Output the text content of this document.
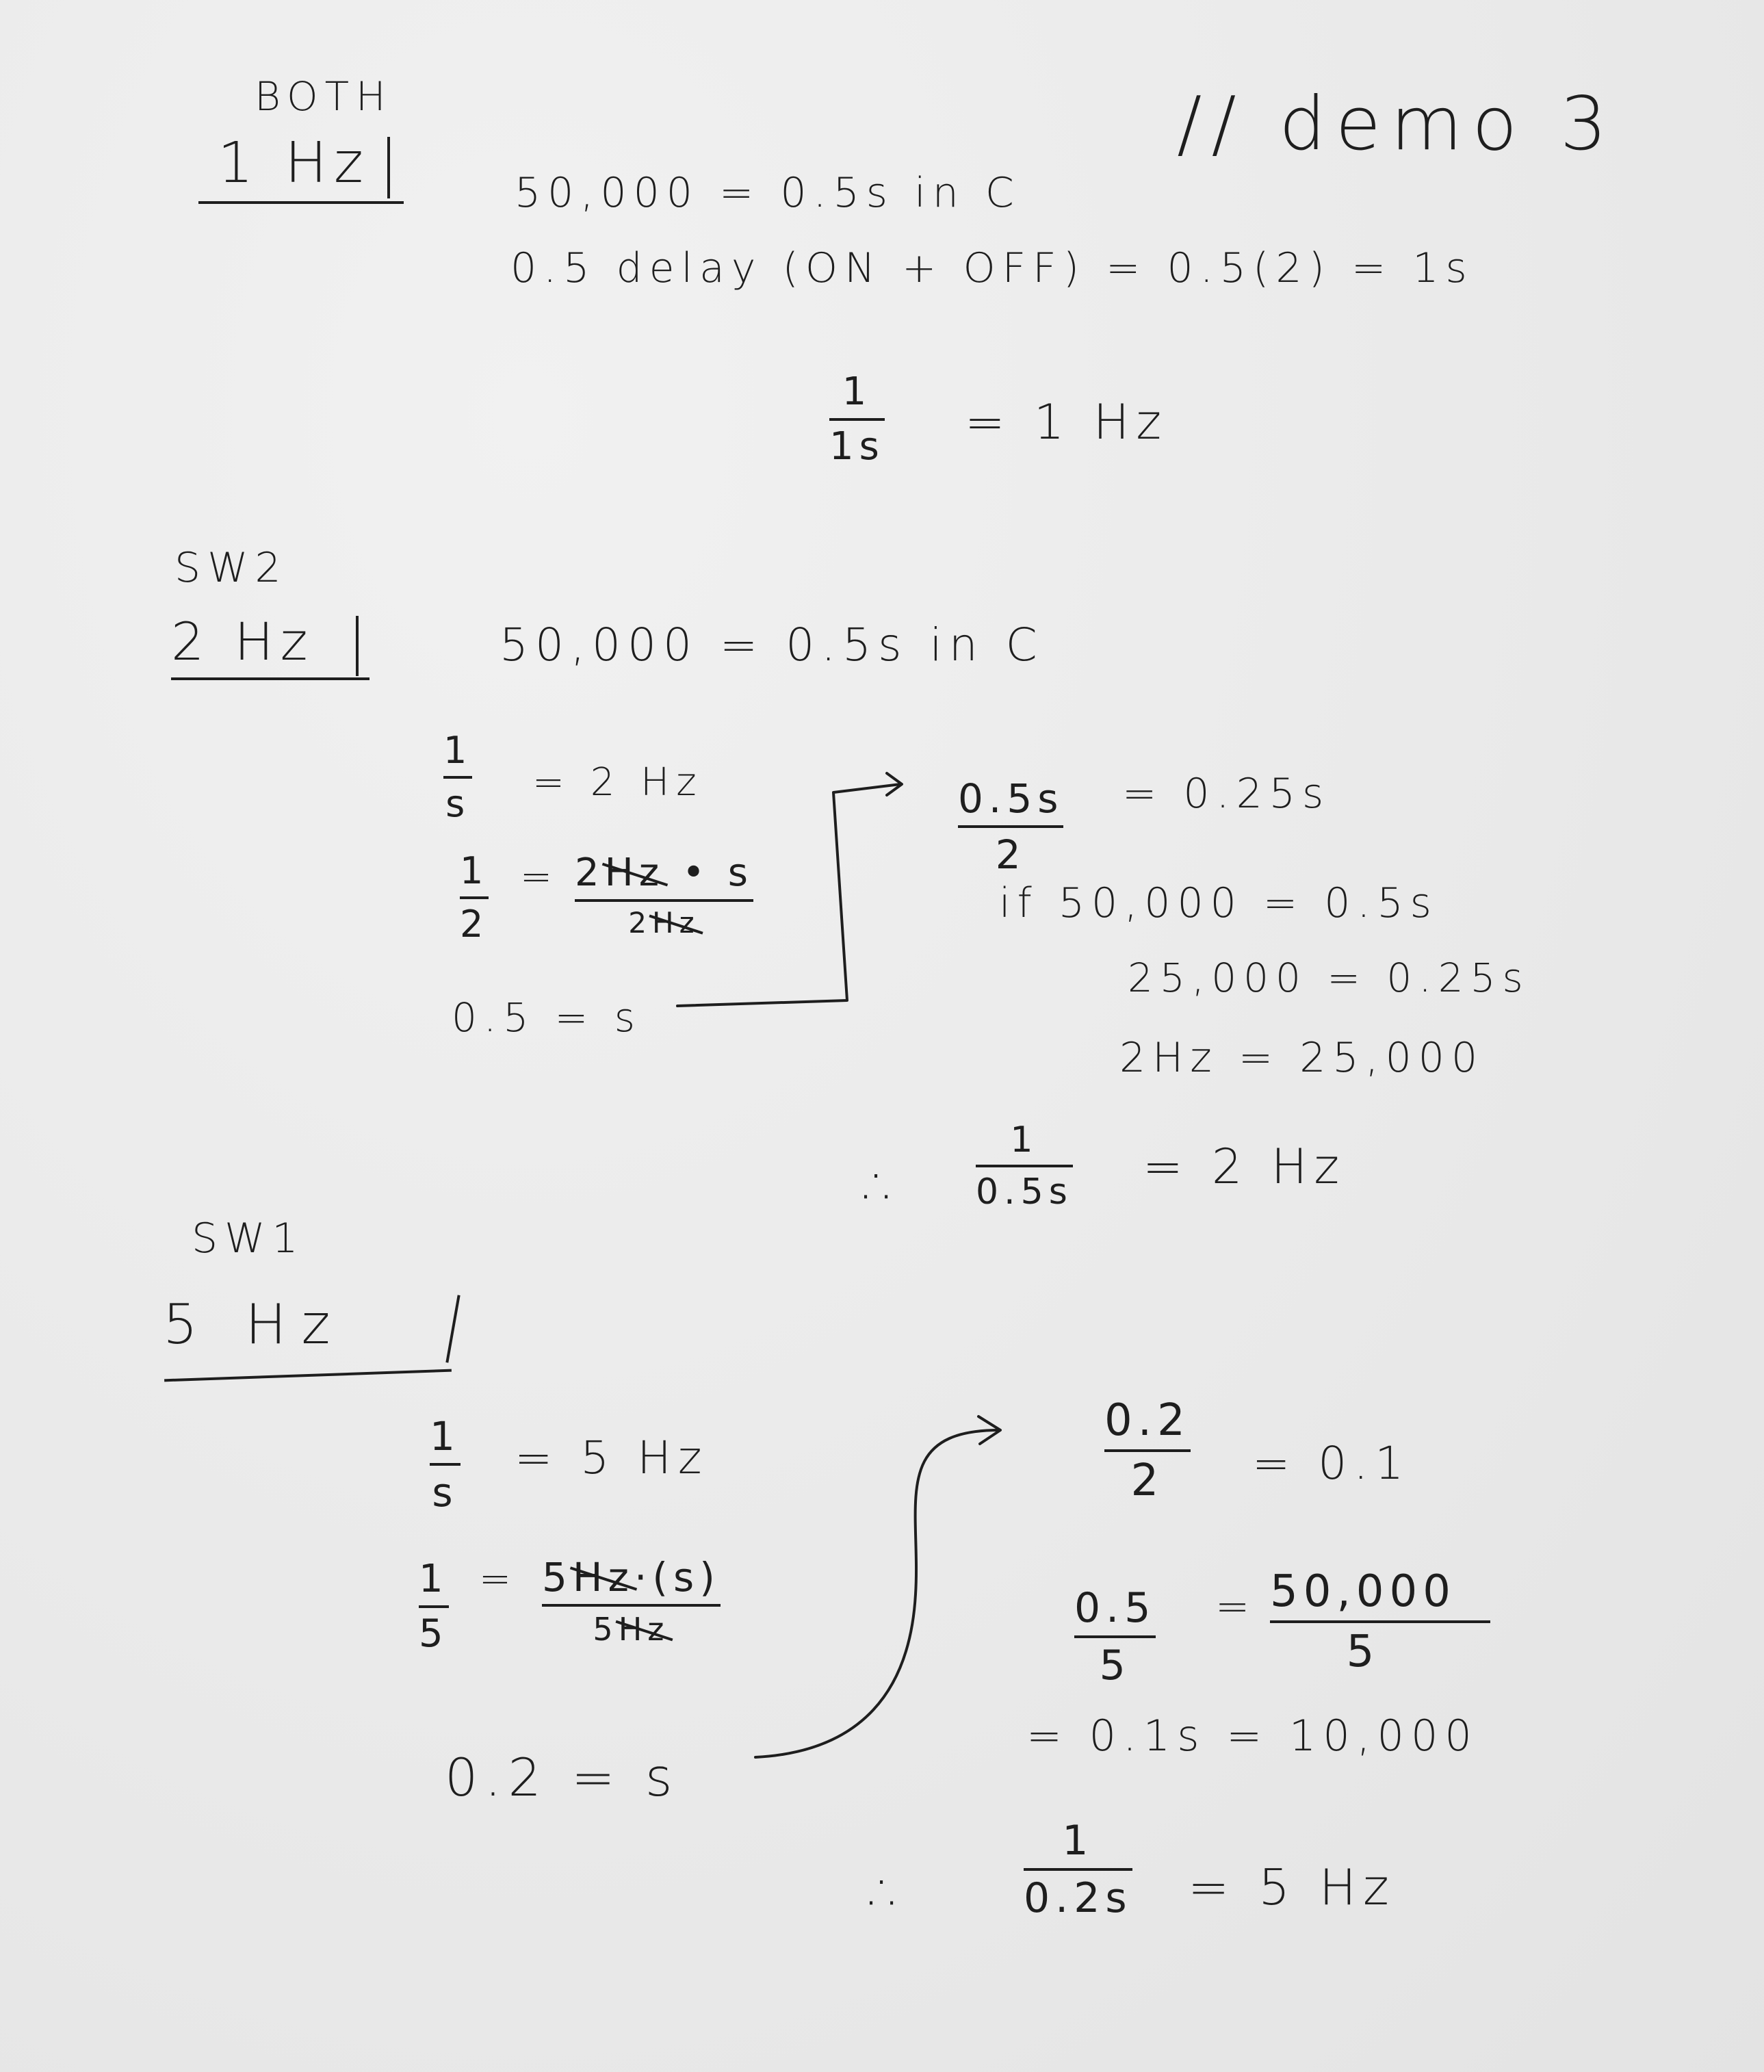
BOTH
1 Hz	50,000 = 0.5s in C
// demo 3
0.5 delay (ON + OFF) = 0.5(2) = 1s
1
1s = 1 Hz
SW2
2 Hz	50,000 = 0.5s in C
1
s = 2 Hz
1
2
= 2Hz • s
2Hz
0.5 = s
0.5s
2
= 0.25s
if 50,000 = 0.5s
25,000 = 0.25s
2Hz = 25,000
∴
1
0.5s = 2 Hz
SW1
5 Hz
1
s
= 5 Hz
1
5
= 5Hz·(s)
5Hz
0.2 = s
0.2
2 = 0.1
0.5
5
= 50,000
5
= 0.1s = 10,000
∴
1
0.2s = 5 Hz
